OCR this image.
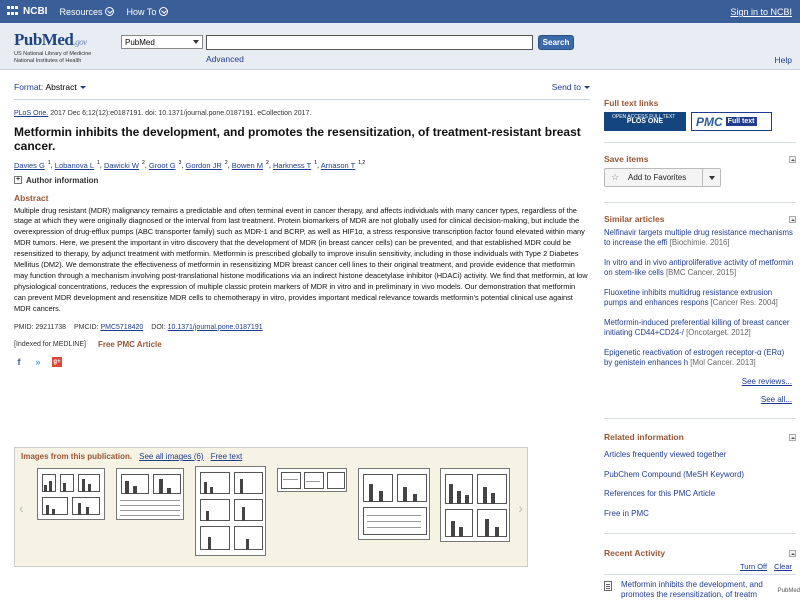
NCBI Resources	How To	Sign in to NCBI
PubMed.gov
US National Library of Medicine
National Institutes of Health
PubMed	Search
Advanced	Help
Format: Abstract	Send to
PLoS One. 2017 Dec 6;12(12):e0187191. doi: 10.1371/journal.pone.0187191. eCollection 2017.
Metformin inhibits the development, and promotes the resensitization, of treatment-resistant breast cancer.
Davies G $^1$, Lobanova L $^1$, Dawicki W $^2$, Groot G $^3$, Gordon JR $^2$, Bowen M $^2$, Harkness T $^1$, Arnason T $^{1,2}$
+ Author information
Abstract

Multiple drug resistant (MDR) malignancy remains a predictable and often terminal event in cancer therapy, and affects individuals with many cancer types, regardless of the stage at which they were originally diagnosed or the interval from last treatment. Protein biomarkers of MDR are not globally used for clinical decision-making, but include the overexpression of drug-efflux pumps (ABC transporter family) such as MDR-1 and BCRP, as well as HIF1α, a stress responsive transcription factor found elevated within many MDR tumors. Here, we present the important in vitro discovery that the development of MDR (in breast cancer cells) can be prevented, and that established MDR could be resensitized to therapy, by adjunct treatment with metformin. Metformin is prescribed globally to improve insulin sensitivity, including in those individuals with Type 2 Diabetes Mellitus (DM2). We demonstrate the effectiveness of metformin in resensitizing MDR breast cancer cell lines to their original treatment, and provide evidence that metformin may function through a mechanism involving post-translational histone modifications via an indirect histone deacetylase inhibitor (HDACi) activity. We find that metformin, at low physiological concentrations, reduces the expression of multiple classic protein markers of MDR in vitro and in preliminary in vivo models. Our demonstration that metformin can prevent MDR development and resensitize MDR cells to chemotherapy in vitro, provides important medical relevance towards metformin's potential clinical use against MDR cancers.

PMID: 29211738 PMCID: PMC5718420 DOI: 10.1371/journal.pone.0187191
[Indexed for MEDLINE] Free PMC Article
f	»	g+
Images from this publication. See all images (6) Free text
‹	›
Full text links
OPEN ACCESS FULL TEXT
PLOS ONE	PMC Full text
Save items
☆	Add to Favorites
Similar articles
Nelfinavir targets multiple drug resistance mechanisms to increase the effi [Biochimie. 2016]
In vitro and in vivo antiproliferative activity of metformin on stem-like cells [BMC Cancer. 2015]
Fluoxetine inhibits multidrug resistance extrusion pumps and enhances respons [Cancer Res. 2004]
Metformin-induced preferential killing of breast cancer initiating CD44+CD24-/ [Oncotarget. 2012]
Epigenetic reactivation of estrogen receptor-α (ERα) by genistein enhances h [Mol Cancer. 2013]
See reviews...
See all...
Related information
Articles frequently viewed together
PubChem Compound (MeSH Keyword)
References for this PMC Article
Free in PMC
Recent Activity
Turn Off Clear
Metformin inhibits the development, and promotes the resensitization, of treatm	PubMed
